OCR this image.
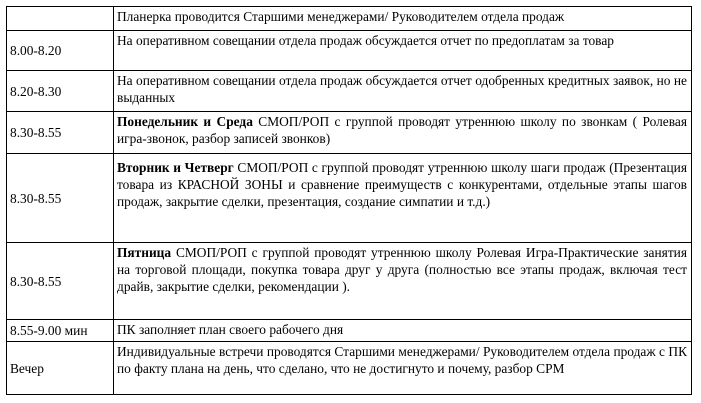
Планерка проводится Старшими менеджерами/ Руководителем отдела продаж
8.00-8.20
На оперативном совещании отдела продаж обсуждается отчет по предоплатам за товар
8.20-8.30
На оперативном совещании отдела продаж обсуждается отчет одобренных кредитных заявок, но не выданных
8.30-8.55
Понедельник и Среда СМОП/РОП с группой проводят утреннюю школу по звонкам ( Ролевая игра-звонок, разбор записей звонков)
8.30-8.55
Вторник и Четверг СМОП/РОП с группой проводят утреннюю школу шаги продаж (Презентация товара из КРАСНОЙ ЗОНЫ и сравнение преимуществ с конкурентами, отдельные этапы шагов продаж, закрытие сделки, презентация, создание симпатии и т.д.)
8.30-8.55
Пятница СМОП/РОП с группой проводят утреннюю школу Ролевая Игра-Практические занятия на торговой площади, покупка товара друг у друга (полностью все этапы продаж, включая тест драйв, закрытие сделки, рекомендации ).
8.55-9.00 мин ПК заполняет план своего рабочего дня
Вечер
Индивидуальные встречи проводятся Старшими менеджерами/ Руководителем отдела продаж с ПК по факту плана на день, что сделано, что не достигнуто и почему, разбор CPM
